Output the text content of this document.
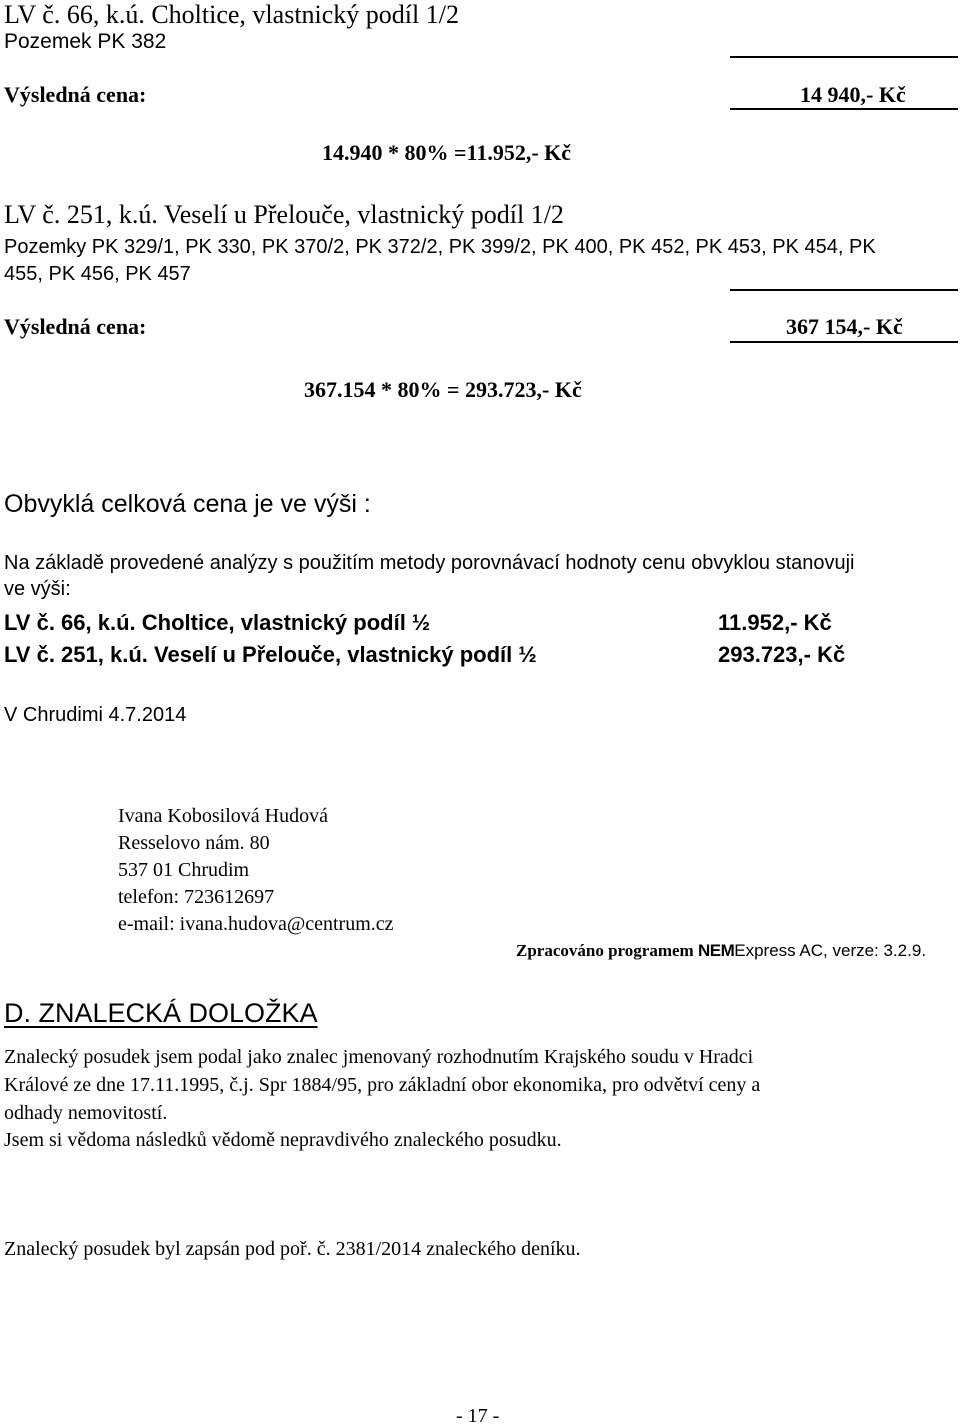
LV č. 66, k.ú. Choltice, vlastnický podíl 1/2
Pozemek PK 382
Výsledná cena:	14 940,- Kč
14.940 * 80% =11.952,- Kč
LV č. 251, k.ú. Veselí u Přelouče, vlastnický podíl 1/2
Pozemky PK 329/1, PK 330, PK 370/2, PK 372/2, PK 399/2, PK 400, PK 452, PK 453, PK 454, PK
455, PK 456, PK 457
Výsledná cena:	367 154,- Kč
367.154 * 80% = 293.723,- Kč
Obvyklá celková cena je ve výši :
Na základě provedené analýzy s použitím metody porovnávací hodnoty cenu obvyklou stanovuji
ve výši:
LV č. 66, k.ú. Choltice, vlastnický podíl ½	11.952,- Kč
LV č. 251, k.ú. Veselí u Přelouče, vlastnický podíl ½	293.723,- Kč
V Chrudimi 4.7.2014
Ivana Kobosilová Hudová
Resselovo nám. 80
537 01 Chrudim
telefon: 723612697
e-mail: ivana.hudova@centrum.cz
Zpracováno programem NEMExpress AC, verze: 3.2.9.
D. ZNALECKÁ DOLOŽKA
Znalecký posudek jsem podal jako znalec jmenovaný rozhodnutím Krajského soudu v Hradci
Králové ze dne 17.11.1995, č.j. Spr 1884/95, pro základní obor ekonomika, pro odvětví ceny a
odhady nemovitostí.
Jsem si vědoma následků vědomě nepravdivého znaleckého posudku.
Znalecký posudek byl zapsán pod poř. č. 2381/2014 znaleckého deníku.
- 17 -
